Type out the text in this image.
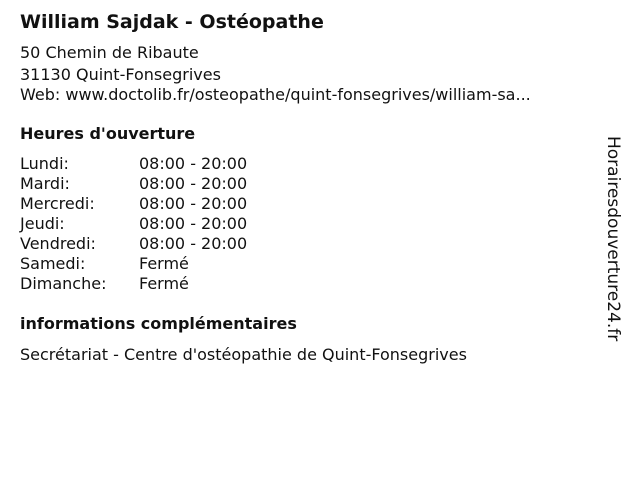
William Sajdak - Ostéopathe
50 Chemin de Ribaute
31130 Quint-Fonsegrives
Web: www.doctolib.fr/osteopathe/quint-fonsegrives/william-sa...
Heures d'ouverture
Lundi:	08:00 - 20:00
Mardi:	08:00 - 20:00
Mercredi:	08:00 - 20:00
Jeudi:	08:00 - 20:00
Vendredi:	08:00 - 20:00
Samedi:	Fermé
Dimanche: Fermé
informations complémentaires
Secrétariat - Centre d'ostéopathie de Quint-Fonsegrives
Horairesdouverture24.fr
